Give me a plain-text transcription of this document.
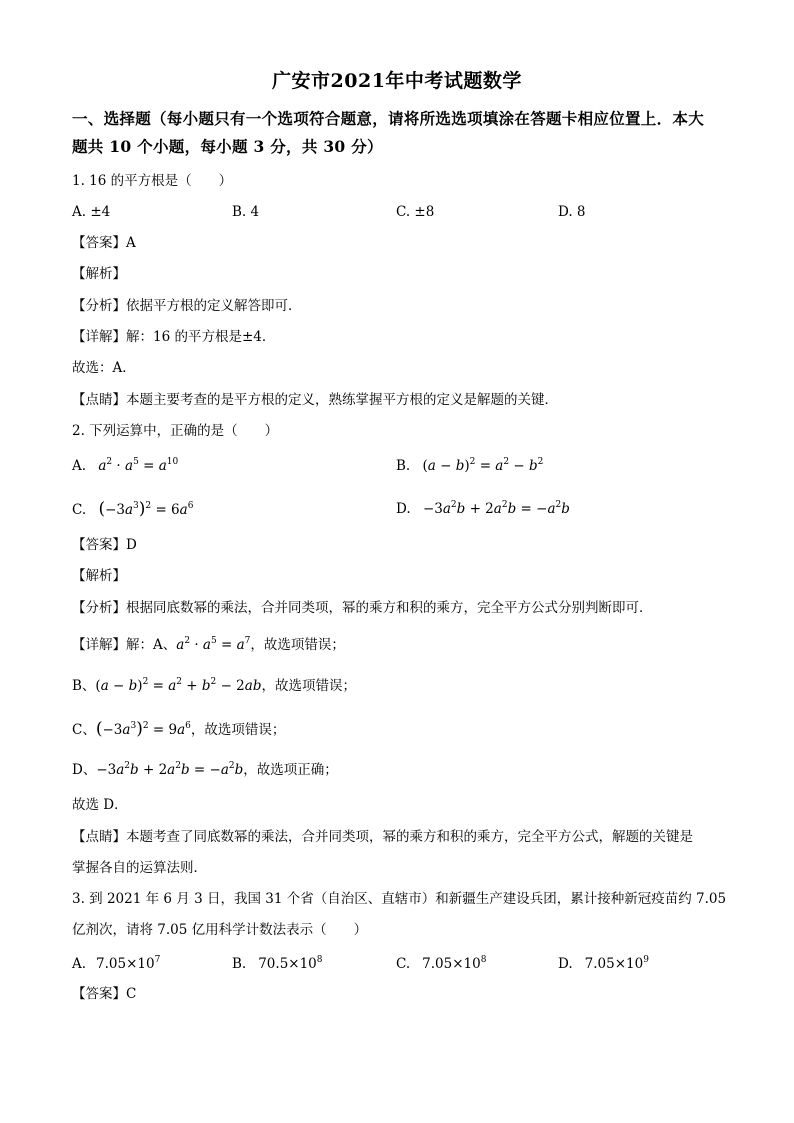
广安市2021年中考试题数学
一、选择题（每小题只有一个选项符合题意，请将所选选项填涂在答题卡相应位置上．本大
题共 10 个小题，每小题 3 分，共 30 分）
1. 16 的平方根是（　　）
A. ±4	B. 4	C. ±8	D. 8
【答案】A
【解析】
【分析】依据平方根的定义解答即可．
【详解】解：16 的平方根是±4．
故选：A．
【点睛】本题主要考查的是平方根的定义，熟练掌握平方根的定义是解题的关键．
2. 下列运算中，正确的是（　　）
A. $a^2 \cdot a^5 = a^{10}$	B. $(a - b)^2 = a^2 - b^2$
C. $(-3a^3)^2 = 6a^6$	D. $-3a^2b + 2a^2b = -a^2b$
【答案】D
【解析】
【分析】根据同底数幂的乘法，合并同类项，幂的乘方和积的乘方，完全平方公式分别判断即可．
【详解】解：A、$a^2 \cdot a^5 = a^7$，故选项错误；
B、$(a - b)^2 = a^2 + b^2 - 2ab$，故选项错误；
C、$(-3a^3)^2 = 9a^6$，故选项错误；
D、$-3a^2b + 2a^2b = -a^2b$，故选项正确；
故选 D．
【点睛】本题考查了同底数幂的乘法，合并同类项，幂的乘方和积的乘方，完全平方公式，解题的关键是
掌握各自的运算法则．
3. 到 2021 年 6 月 3 日，我国 31 个省（自治区、直辖市）和新疆生产建设兵团，累计接种新冠疫苗约 7.05
亿剂次，请将 7.05 亿用科学计数法表示（　　）
A. $7.05\times 10^7$	B. $70.5\times 10^8$	C. $7.05\times 10^8$	D. $7.05\times 10^9$
【答案】C
